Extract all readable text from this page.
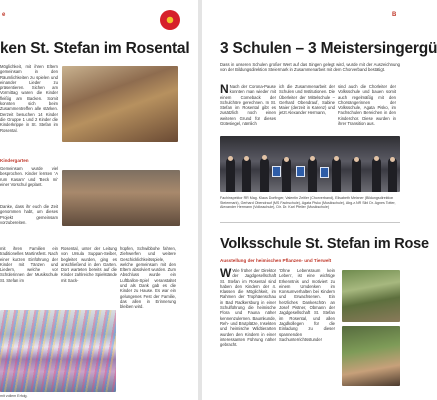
e
ken St. Stefan im Rosental
Möglichkeit, mit ihren Eltern gemeinsam in den Räumlichkeiten zu spielen und einander Lieder zu präsentieren. Sichen am Vormittag waren die Kinder fleißig am Backen. Somit konnten sich beim Zusammentreffen alle stärken. Derzeit besuchen 14 Kinder die Gruppe 1 und 2 Kinder die Kinderkrippe in St. Stefan im Rosental.
Kindergarten
Gemeinsam wurde viel besprochen. Kinder lernten 'A rum Kasam' und 'Beck mi' einer Vorschul geplant.
Danke, dass ihr euch die Zeit genommen habt, um dieses Projekt gemeinsam vorzubereiten.
mit ihren Familien ein traditionelles Martinsfest. Nach einer kurzen Einführung der Kinder mit Tänzen und Liedern, welche vor Schülerinnen der Musikschule St. Stefan im
Rosental, unter der Leitung von Ursula Suppan-Seiber, begleitet wurden, ging es anschließend in den Garten. Dort warteten bereits auf die Kinder zahlreiche Spielstände mit Sack-
hüpfen, Schwibbohe fahren, Ziehwerfen und weitere Geschicklichkeitsspiele, welche gemeinsam mit den Eltern absolviert wurden. Zum Abschluss wurde ein Luftballon-Spiel veranstaltet und als Dank gab es die Kinder zu Hause. Es war ein gelungenes Fest der Familie, das allen in Erinnerung bleiben wird.
mit vollem Erfolg.
B
3 Schulen – 3 Meistersingergü
Dass in unseren Schulen großer Wert auf das Singen gelegt wird, wurde mit der Auszeichnung von der Bildungsdirektion Steiermark in Zusammenarbeit mit dem Chorverband bestätigt.
N Nach der Corona-Pause konnten man wieder mit einem Comeback der Schulchöre gerechnen. In St. Stefan im Rosental gibt es zusätzlich noch einen weiteren Grund für dieses Gütesiegel, nämlich
ich die Zusammenarbeit der Schulen und Institutionen. Die Überleiter der Mittelschule – Gerhard Obendrauf, Sabine Maier (derzeit in Karenz) und jetzt Alexander Hermann,
sind auch die Chorleiter der Volksschule und bauen somit auch regelmäßig mit den Chorsängerinnen der Volksschule, Agata Pisko, im Fachschulen Bereichen in den Kinderchor. Diese wurden in ihrer Transition aus.
Fachinspektor RR Mag. Klaus Dorfinger, Valentin Zeitler (Chorverband), Elisabeth Meixner (Bildungsdirektion Steiermark), Gerhard Obendrauf (MS Fachschule), Agata Pisko (Musikschule), Abg.z.NR Sibl Dr. Agnes Totter, Alexander Hermann (Volksschule), Dir. Dr. Karl Pfeiler (Musikschule)
Volksschule St. Stefan im Rose
Ausstellung der heimischen Pflanzen- und Tierwelt
W Wie früher der Direktor der Jagdgesellschaft St. Stefan im Rosental sind haben den Kindern der 4. Klassen die Möglichkeit, im Rahmen der Trophäenschau in Bad Radkersburg in einer Schulführung die heimische Flora und Fauna näher kennenzulernen. Baumkunde, Reh- und Brutplätze, Insekten und heimische Wildtierarten wurden den Kindern in einer interessanten Führung näher gebracht.
'Ohne Lebensraum kein Leben', ist eine wichtige Erkenntnis und motiviert zu einem Umdenken im Konsumverhalten bei Kindern und Erwachsenen. Ein herzliches Dankeschön an Josef Pistner, Obmann der Jagdgesellschaft St. Stefan im Rosental, und allen Jagdkollegen für die Einladung zu dieser spannenden Sachunterrichtsstunde!
